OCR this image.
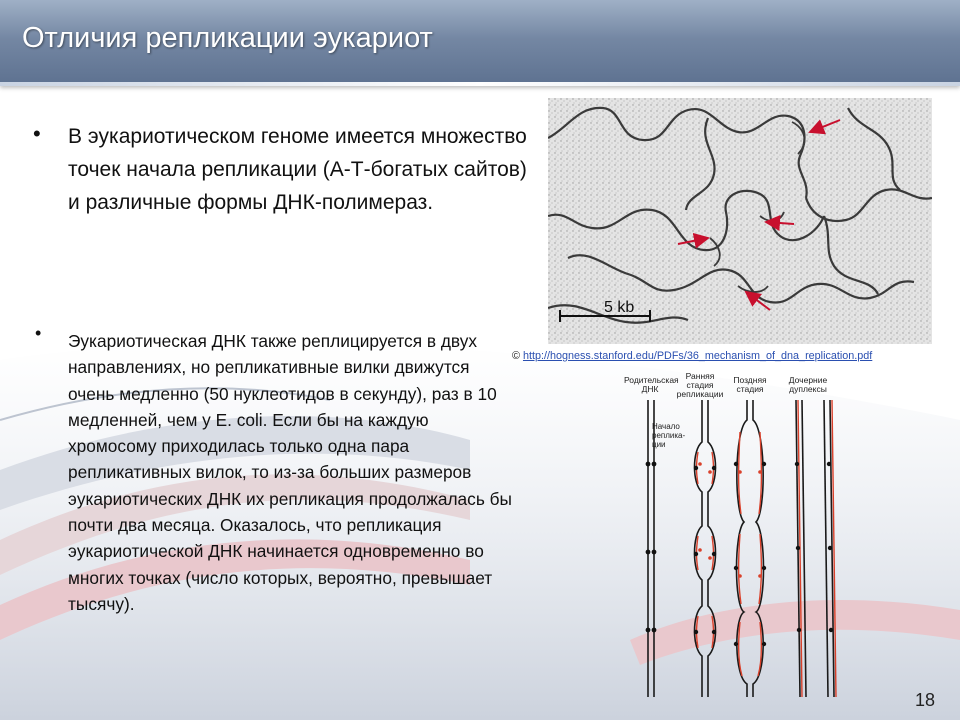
Отличия репликации эукариот
• В эукариотическом геноме имеется множество точек начала репликации (А-Т-богатых сайтов) и различные формы ДНК-полимераз.
• Эукариотическая ДНК также реплицируется в двух направлениях, но репликативные вилки движутся очень медленно (50 нуклеотидов в секунду), раз в 10 медленней, чем у E. coli. Если бы на каждую хромосому приходилась только одна пара репликативных вилок, то из-за больших размеров эукариотических ДНК их репликация продолжалась бы почти два месяца. Оказалось, что репликация эукариотической ДНК начинается одновременно во многих точках (число которых, вероятно, превышает тысячу).
5 kb
© http://hogness.stanford.edu/PDFs/36_mechanism_of_dna_replication.pdf
Родительская
ДНК
Ранняя
стадия
репликации
Поздняя
стадия
Дочерние
дуплексы
Начало
реплика-
ции
18
